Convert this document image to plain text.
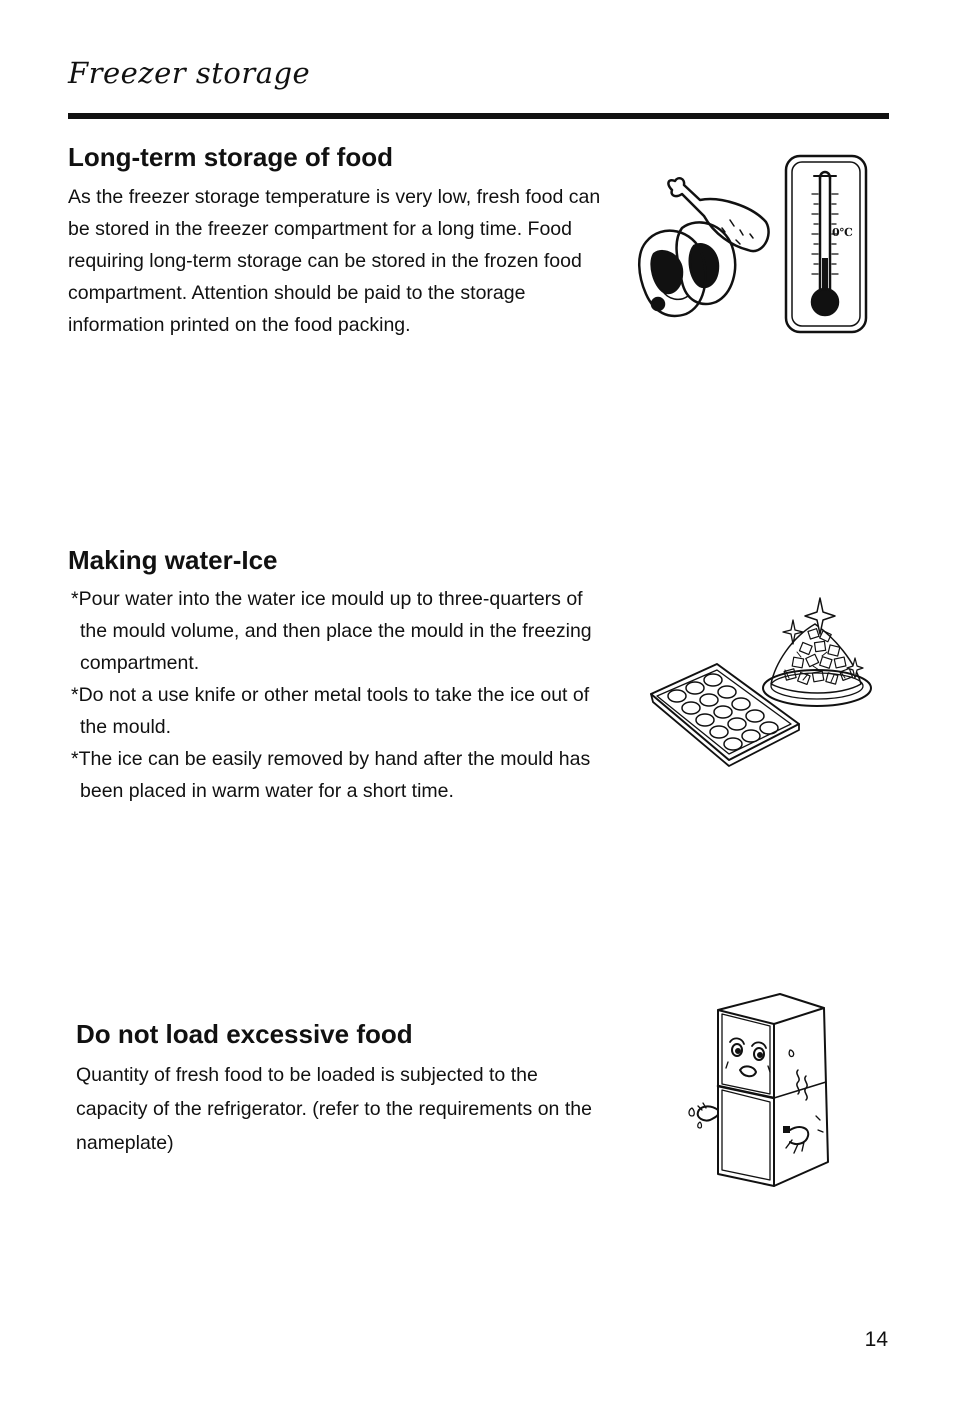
Freezer storage
Long-term storage of food

As the freezer storage temperature is very low, fresh food can be stored in the freezer compartment for a long time. Food requiring long-term storage can be stored in the frozen food compartment. Attention should be paid to the storage information printed on the food packing.

0℃
Making water-Ice

*Pour water into the water ice mould up to three-quarters of the mould volume, and then place the mould in the freezing compartment.

*Do not a use knife or other metal tools to take the ice out of the mould.

*The ice can be easily removed by hand after the mould has been placed in warm water for a short time.

Do not load excessive food

Quantity of fresh food to be loaded is subjected to the capacity of the refrigerator. (refer to the requirements on the nameplate)

14
